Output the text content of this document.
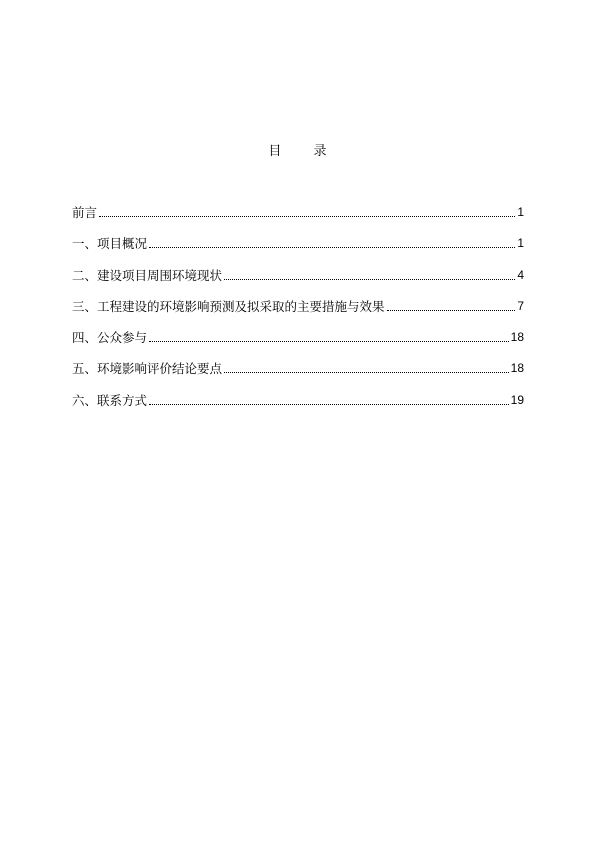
目 录
前言	1
一、项目概况	1
二、建设项目周围环境现状	4
三、工程建设的环境影响预测及拟采取的主要措施与效果	7
四、公众参与	18
五、环境影响评价结论要点	18
六、联系方式	19
